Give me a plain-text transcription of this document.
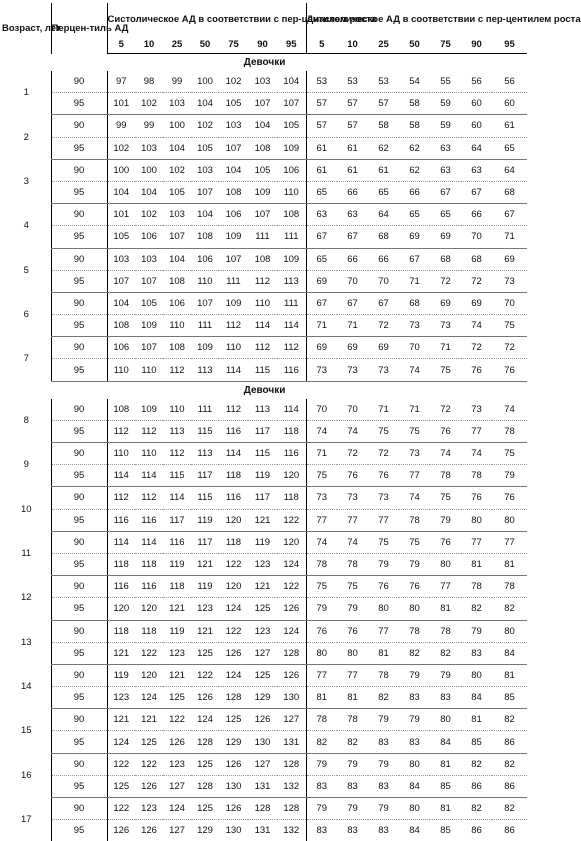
Возраст, лет	Перцен-тиль АД	Систолическое АД в соответствии с пер-центилем роста							Диастолическое АД в соответствии с пер-центилем роста						
		5	10	25	50	75	90	95	5	10	25	50	75	90	95
Девочки															
1	90	97	98	99	100	102	103	104	53	53	53	54	55	56	56
	95	101	102	103	104	105	107	107	57	57	57	58	59	60	60
2	90	99	99	100	102	103	104	105	57	57	58	58	59	60	61
	95	102	103	104	105	107	108	109	61	61	62	62	63	64	65
3	90	100	100	102	103	104	105	106	61	61	61	62	63	63	64
	95	104	104	105	107	108	109	110	65	66	65	66	67	67	68
4	90	101	102	103	104	106	107	108	63	63	64	65	65	66	67
	95	105	106	107	108	109	111	111	67	67	68	69	69	70	71
5	90	103	103	104	106	107	108	109	65	66	66	67	68	68	69
	95	107	107	108	110	111	112	113	69	70	70	71	72	72	73
6	90	104	105	106	107	109	110	111	67	67	67	68	69	69	70
	95	108	109	110	111	112	114	114	71	71	72	73	73	74	75
7	90	106	107	108	109	110	112	112	69	69	69	70	71	72	72
	95	110	110	112	113	114	115	116	73	73	73	74	75	76	76
Девочки															
8	90	108	109	110	111	112	113	114	70	70	71	71	72	73	74
	95	112	112	113	115	116	117	118	74	74	75	75	76	77	78
9	90	110	110	112	113	114	115	116	71	72	72	73	74	74	75
	95	114	114	115	117	118	119	120	75	76	76	77	78	78	79
10	90	112	112	114	115	116	117	118	73	73	73	74	75	76	76
	95	116	116	117	119	120	121	122	77	77	77	78	79	80	80
11	90	114	114	116	117	118	119	120	74	74	75	75	76	77	77
	95	118	118	119	121	122	123	124	78	78	79	79	80	81	81
12	90	116	116	118	119	120	121	122	75	75	76	76	77	78	78
	95	120	120	121	123	124	125	126	79	79	80	80	81	82	82
13	90	118	118	119	121	122	123	124	76	76	77	78	78	79	80
	95	121	122	123	125	126	127	128	80	80	81	82	82	83	84
14	90	119	120	121	122	124	125	126	77	77	78	79	79	80	81
	95	123	124	125	126	128	129	130	81	81	82	83	83	84	85
15	90	121	121	122	124	125	126	127	78	78	79	79	80	81	82
	95	124	125	126	128	129	130	131	82	82	83	83	84	85	86
16	90	122	122	123	125	126	127	128	79	79	79	80	81	82	82
	95	125	126	127	128	130	131	132	83	83	83	84	85	86	86
17	90	122	123	124	125	126	128	128	79	79	79	80	81	82	82
	95	126	126	127	129	130	131	132	83	83	83	84	85	86	86
